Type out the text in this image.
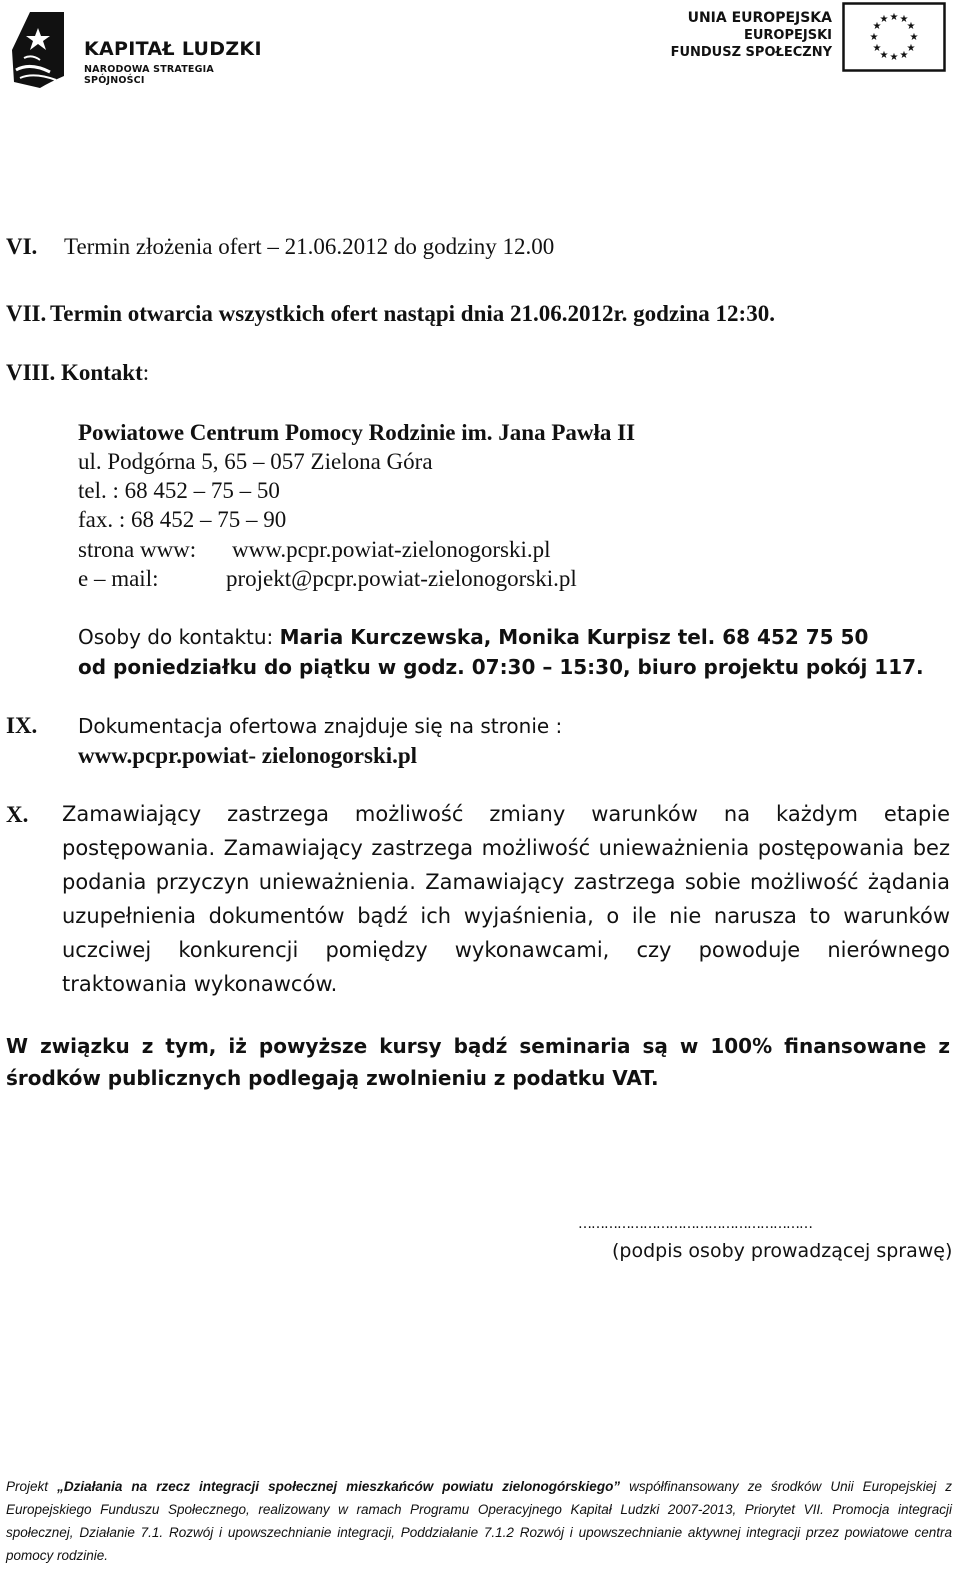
KAPITAŁ LUDZKI
NARODOWA STRATEGIA SPÓJNOŚCI
UNIA EUROPEJSKA
EUROPEJSKI
FUNDUSZ SPOŁECZNY
★ ★
★
★
★
★
★
★
★
★
★
★
VI. Termin złożenia ofert – 21.06.2012 do godziny 12.00
VII. Termin otwarcia wszystkich ofert nastąpi dnia 21.06.2012r. godzina 12:30.
VIII. Kontakt:
Powiatowe Centrum Pomocy Rodzinie im. Jana Pawła II
ul. Podgórna 5, 65 – 057 Zielona Góra
tel. : 68 452 – 75 – 50
fax. : 68 452 – 75 – 90
strona www: www.pcpr.powiat-zielonogorski.pl
e – mail:	projekt@pcpr.powiat-zielonogorski.pl
Osoby do kontaktu: Maria Kurczewska, Monika Kurpisz tel. 68 452 75 50
od poniedziałku do piątku w godz. 07:30 – 15:30, biuro projektu pokój 117.
IX. Dokumentacja ofertowa znajduje się na stronie :
www.pcpr.powiat- zielonogorski.pl
X. Zamawiający zastrzega możliwość zmiany warunków na każdym etapie postępowania. Zamawiający zastrzega możliwość unieważnienia postępowania bez podania przyczyn unieważnienia. Zamawiający zastrzega sobie możliwość żądania uzupełnienia dokumentów bądź ich wyjaśnienia, o ile nie narusza to warunków uczciwej konkurencji pomiędzy wykonawcami, czy powoduje nierównego traktowania wykonawców.
W związku z tym, iż powyższe kursy bądź seminaria są w 100% finansowane z środków publicznych podlegają zwolnieniu z podatku VAT.
………………………………………………
(podpis osoby prowadzącej sprawę)
Projekt „Działania na rzecz integracji społecznej mieszkańców powiatu zielonogórskiego” współfinansowany ze środków Unii Europejskiej z Europejskiego Funduszu Społecznego, realizowany w ramach Programu Operacyjnego Kapitał Ludzki 2007-2013, Priorytet VII. Promocja integracji społecznej, Działanie 7.1. Rozwój i upowszechnianie integracji, Poddziałanie 7.1.2 Rozwój i upowszechnianie aktywnej integracji przez powiatowe centra pomocy rodzinie.
